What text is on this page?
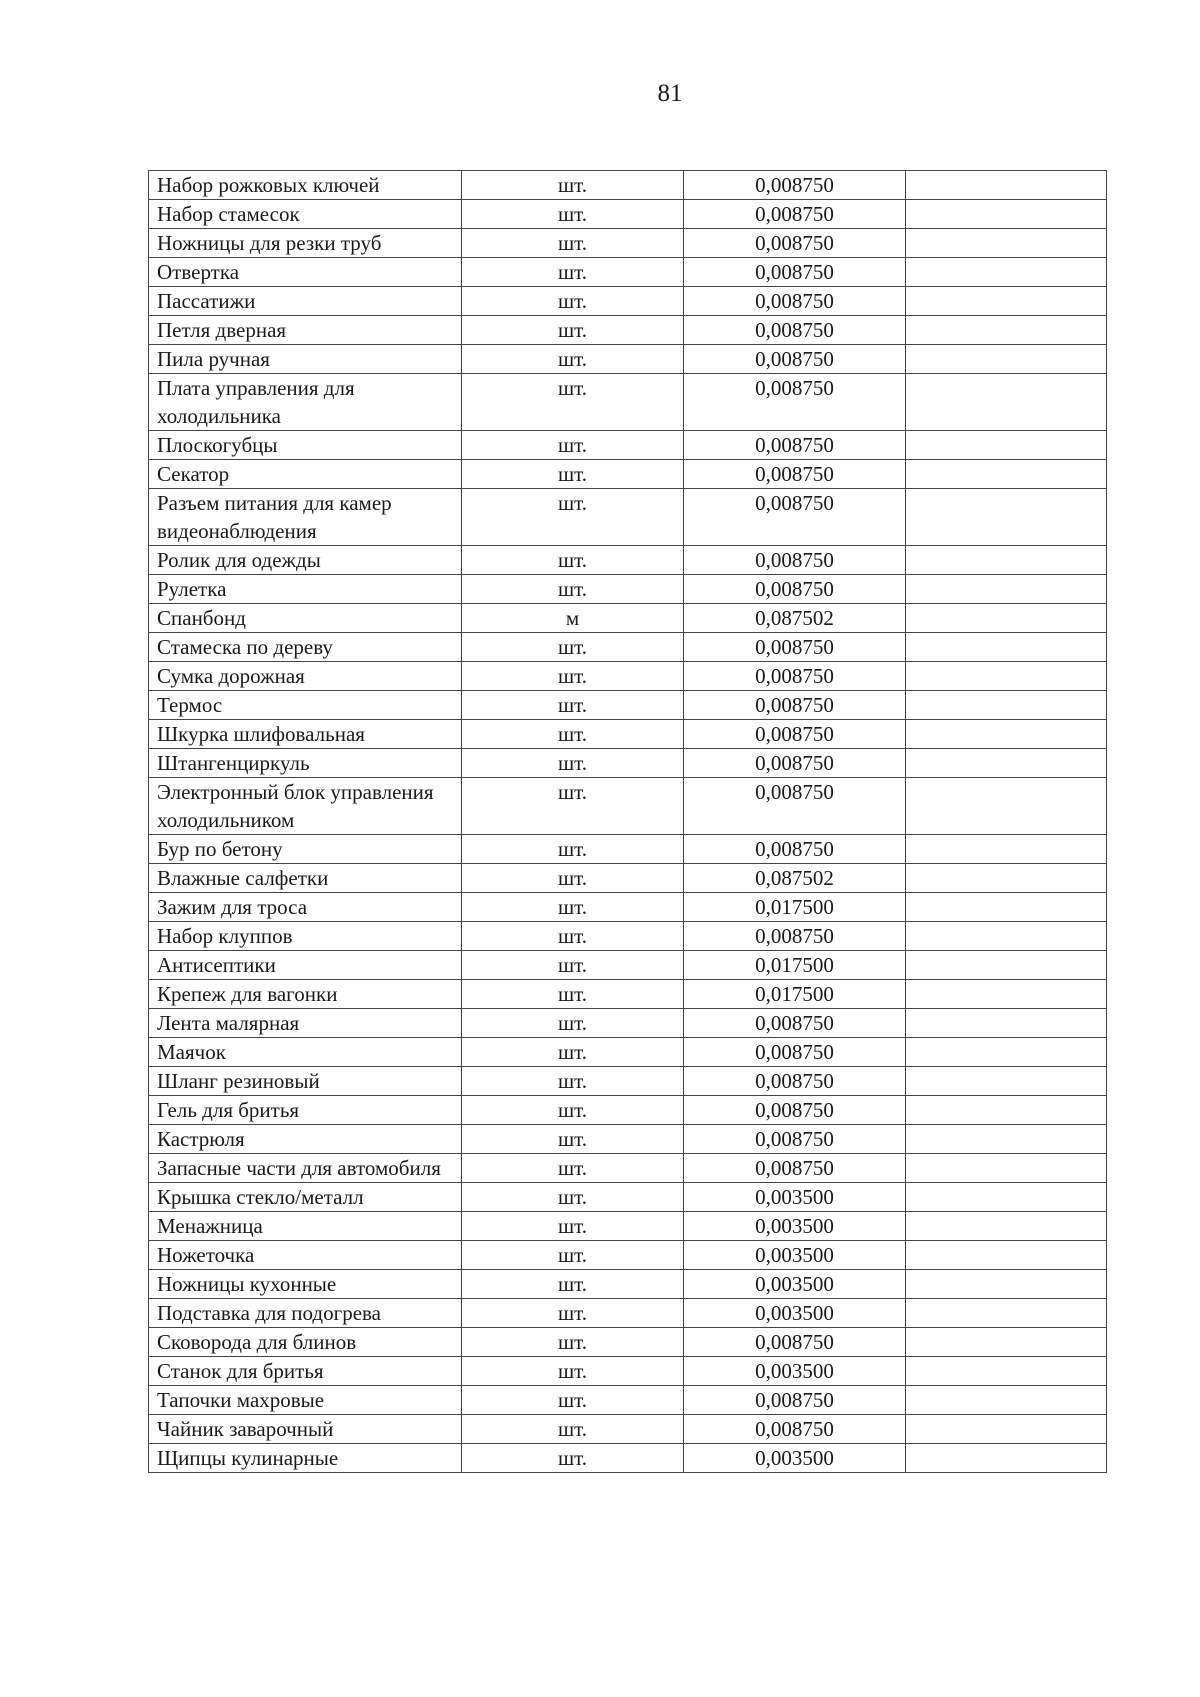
81
Набор рожковых ключей	шт.	0,008750	
Набор стамесок	шт.	0,008750	
Ножницы для резки труб	шт.	0,008750	
Отвертка	шт.	0,008750	
Пассатижи	шт.	0,008750	
Петля дверная	шт.	0,008750	
Пила ручная	шт.	0,008750	
Плата управления для холодильника	шт.	0,008750	
Плоскогубцы	шт.	0,008750	
Секатор	шт.	0,008750	
Разъем питания для камер видеонаблюдения	шт.	0,008750	
Ролик для одежды	шт.	0,008750	
Рулетка	шт.	0,008750	
Спанбонд	м	0,087502	
Стамеска по дереву	шт.	0,008750	
Сумка дорожная	шт.	0,008750	
Термос	шт.	0,008750	
Шкурка шлифовальная	шт.	0,008750	
Штангенциркуль	шт.	0,008750	
Электронный блок управления холодильником	шт.	0,008750	
Бур по бетону	шт.	0,008750	
Влажные салфетки	шт.	0,087502	
Зажим для троса	шт.	0,017500	
Набор клуппов	шт.	0,008750	
Антисептики	шт.	0,017500	
Крепеж для вагонки	шт.	0,017500	
Лента малярная	шт.	0,008750	
Маячок	шт.	0,008750	
Шланг резиновый	шт.	0,008750	
Гель для бритья	шт.	0,008750	
Кастрюля	шт.	0,008750	
Запасные части для автомобиля	шт.	0,008750	
Крышка стекло/металл	шт.	0,003500	
Менажница	шт.	0,003500	
Ножеточка	шт.	0,003500	
Ножницы кухонные	шт.	0,003500	
Подставка для подогрева	шт.	0,003500	
Сковорода для блинов	шт.	0,008750	
Станок для бритья	шт.	0,003500	
Тапочки махровые	шт.	0,008750	
Чайник заварочный	шт.	0,008750	
Щипцы кулинарные	шт.	0,003500	
